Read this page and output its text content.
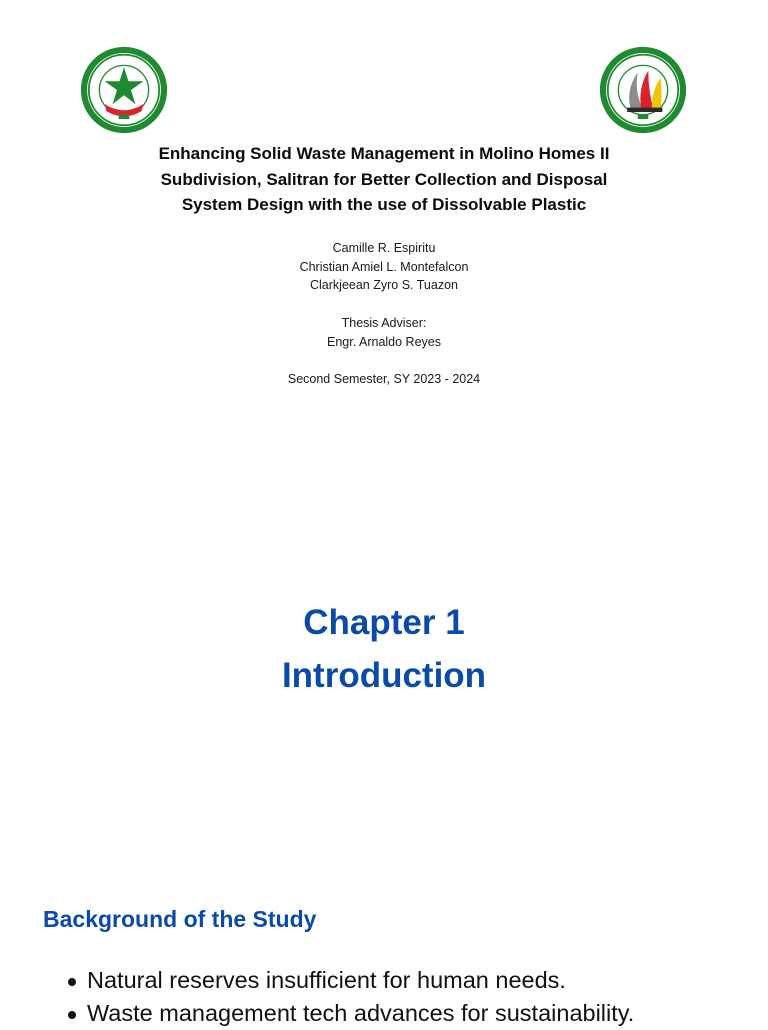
Enhancing Solid Waste Management in Molino Homes II
Subdivision, Salitran for Better Collection and Disposal
System Design with the use of Dissolvable Plastic
Camille R. Espiritu
Christian Amiel L. Montefalcon
Clarkjeean Zyro S. Tuazon
Thesis Adviser:
Engr. Arnaldo Reyes
Second Semester, SY 2023 - 2024
Chapter 1
Introduction
Background of the Study
Natural reserves insufficient for human needs.
Waste management tech advances for sustainability.
